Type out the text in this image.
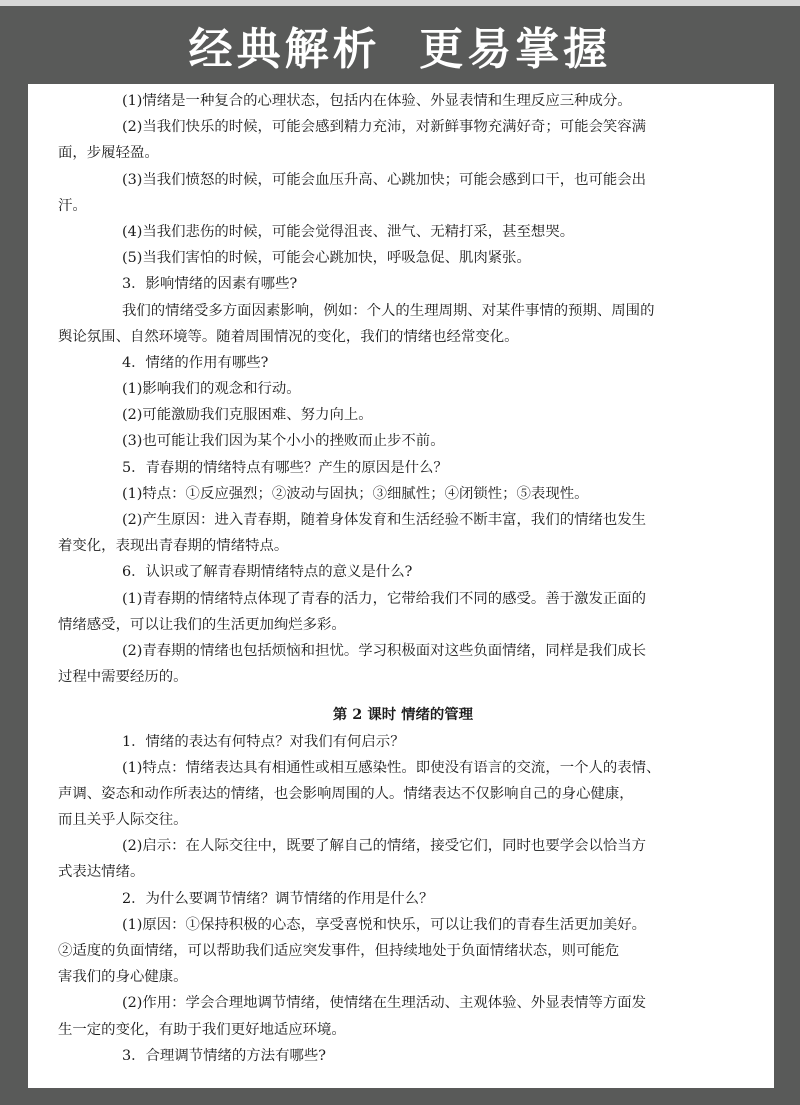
经典解析  更易掌握
(1)情绪是一种复合的心理状态，包括内在体验、外显表情和生理反应三种成分。
(2)当我们快乐的时候，可能会感到精力充沛，对新鲜事物充满好奇；可能会笑容满
面，步履轻盈。
(3)当我们愤怒的时候，可能会血压升高、心跳加快；可能会感到口干，也可能会出
汗。
(4)当我们悲伤的时候，可能会觉得沮丧、泄气、无精打采，甚至想哭。
(5)当我们害怕的时候，可能会心跳加快，呼吸急促、肌肉紧张。
3．影响情绪的因素有哪些?
我们的情绪受多方面因素影响，例如：个人的生理周期、对某件事情的预期、周围的
舆论氛围、自然环境等。随着周围情况的变化，我们的情绪也经常变化。
4．情绪的作用有哪些?
(1)影响我们的观念和行动。
(2)可能激励我们克服困难、努力向上。
(3)也可能让我们因为某个小小的挫败而止步不前。
5．青春期的情绪特点有哪些？产生的原因是什么？
(1)特点：①反应强烈；②波动与固执；③细腻性；④闭锁性；⑤表现性。
(2)产生原因：进入青春期，随着身体发育和生活经验不断丰富，我们的情绪也发生
着变化，表现出青春期的情绪特点。
6．认识或了解青春期情绪特点的意义是什么?
(1)青春期的情绪特点体现了青春的活力，它带给我们不同的感受。善于激发正面的
情绪感受，可以让我们的生活更加绚烂多彩。
(2)青春期的情绪也包括烦恼和担忧。学习积极面对这些负面情绪，同样是我们成长
过程中需要经历的。
第 2 课时 情绪的管理
1．情绪的表达有何特点？对我们有何启示？
(1)特点：情绪表达具有相通性或相互感染性。即使没有语言的交流，一个人的表情、
声调、姿态和动作所表达的情绪，也会影响周围的人。情绪表达不仅影响自己的身心健康，
而且关乎人际交往。
(2)启示：在人际交往中，既要了解自己的情绪，接受它们，同时也要学会以恰当方
式表达情绪。
2．为什么要调节情绪？调节情绪的作用是什么？
(1)原因：①保持积极的心态，享受喜悦和快乐，可以让我们的青春生活更加美好。
②适度的负面情绪，可以帮助我们适应突发事件，但持续地处于负面情绪状态，则可能危
害我们的身心健康。
(2)作用：学会合理地调节情绪，使情绪在生理活动、主观体验、外显表情等方面发
生一定的变化，有助于我们更好地适应环境。
3．合理调节情绪的方法有哪些?
